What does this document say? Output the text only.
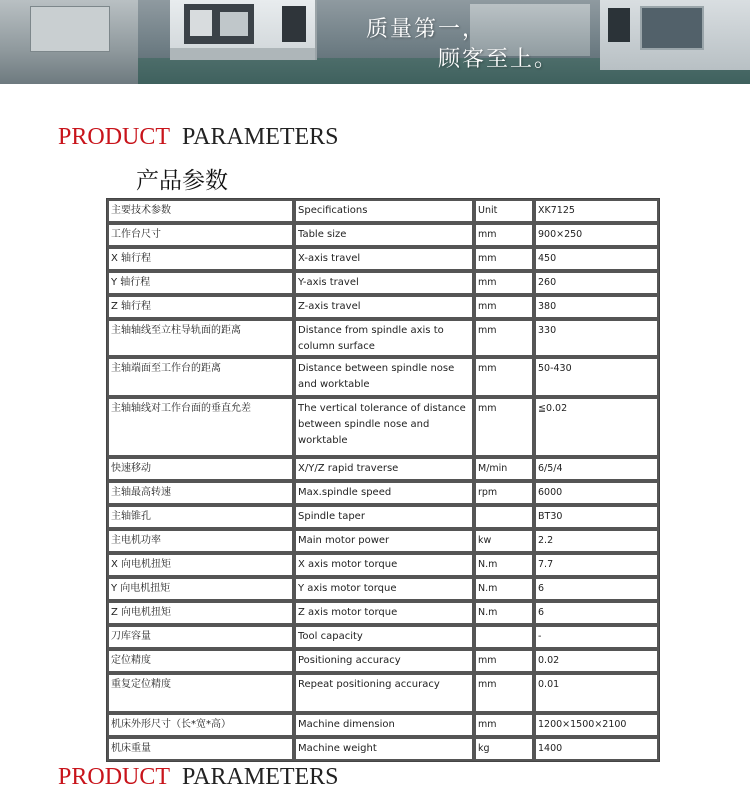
质量第一，
顾客至上。
PRODUCT PARAMETERS
产品参数
主要技术参数	Specifications	Unit	XK7125
工作台尺寸	Table size	mm	900×250
X 轴行程	X-axis travel	mm	450
Y 轴行程	Y-axis travel	mm	260
Z 轴行程	Z-axis travel	mm	380
主轴轴线至立柱导轨面的距离	Distance from spindle axis to column surface	mm	330
主轴端面至工作台的距离	Distance between spindle nose and worktable	mm	50-430
主轴轴线对工作台面的垂直允差	The vertical tolerance of distance between spindle nose and worktable	mm	≦0.02
快速移动	X/Y/Z rapid traverse	M/min	6/5/4
主轴最高转速	Max.spindle speed	rpm	6000
主轴锥孔	Spindle taper		BT30
主电机功率	Main motor power	kw	2.2
X 向电机扭矩	X axis motor torque	N.m	7.7
Y 向电机扭矩	Y axis motor torque	N.m	6
Z 向电机扭矩	Z axis motor torque	N.m	6
刀库容量	Tool capacity		-
定位精度	Positioning accuracy	mm	0.02
重复定位精度	Repeat positioning accuracy	mm	0.01
机床外形尺寸（长*宽*高）	Machine dimension	mm	1200×1500×2100
机床重量	Machine weight	kg	1400
PRODUCT PARAMETERS
